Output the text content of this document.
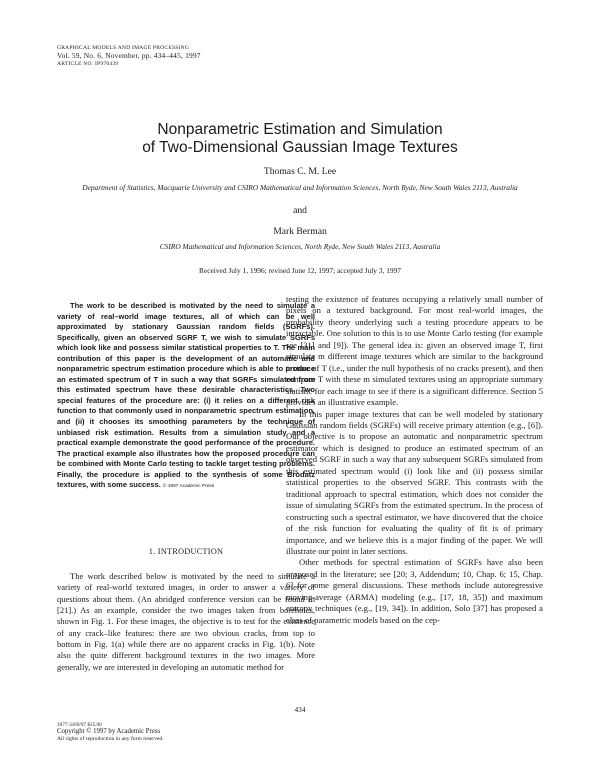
GRAPHICAL MODELS AND IMAGE PROCESSING
Vol. 59, No. 6, November, pp. 434–445, 1997
ARTICLE NO. IP970439
Nonparametric Estimation and Simulation
of Two-Dimensional Gaussian Image Textures
Thomas C. M. Lee
Department of Statistics, Macquarie University and CSIRO Mathematical and Information Sciences, North Ryde, New South Wales 2113, Australia
and
Mark Berman
CSIRO Mathematical and Information Sciences, North Ryde, New South Wales 2113, Australia
Received July 1, 1996; revised June 12, 1997; accepted July 3, 1997

The work to be described is motivated by the need to simulate a variety of real–world image textures, all of which can be well approximated by stationary Gaussian random fields (SGRFs). Specifically, given an observed SGRF T, we wish to simulate SGRFs which look like and possess similar statistical properties to T. The main contribution of this paper is the development of an automatic and nonparametric spectrum estimation procedure which is able to produce an estimated spectrum of T in such a way that SGRFs simulated from this estimated spectrum have these desirable characteristics. Two special features of the procedure are: (i) it relies on a different risk function to that commonly used in nonparametric spectrum estimation, and (ii) it chooses its smoothing parameters by the technique of unbiased risk estimation. Results from a simulation study and a practical example demonstrate the good performance of the procedure. The practical example also illustrates how the proposed procedure can be combined with Monte Carlo testing to tackle target testing problems. Finally, the procedure is applied to the synthesis of some Brodatz textures, with some success. © 1997 Academic Press

1. INTRODUCTION

The work described below is motivated by the need to simulate a variety of real-world textured images, in order to answer a variety of questions about them. (An abridged conference version can be found in [21].) As an example, consider the two images taken from boreholes, shown in Fig. 1. For these images, the objective is to test for the existence of any crack–like features: there are two obvious cracks, from top to bottom in Fig. 1(a) while there are no apparent cracks in Fig. 1(b). Note also the quite different background textures in the two images. More generally, we are interested in developing an automatic method for

testing the existence of features occupying a relatively small number of pixels on a textured background. For most real-world images, the probability theory underlying such a testing procedure appears to be intractable. One solution to this is to use Monte Carlo testing (for example see [31] and [9]). The general idea is: given an observed image T, first simulate m different image textures which are similar to the background texture of T (i.e., under the null hypothesis of no cracks present), and then compare T with these m simulated textures using an appropriate summary statistic for each image to see if there is a significant difference. Section 5 provides an illustrative example.

In this paper image textures that can be well modeled by stationary Gaussian random fields (SGRFs) will receive primary attention (e.g., [6]). Our objective is to propose an automatic and nonparametric spectrum estimator which is designed to produce an estimated spectrum of an observed SGRF in such a way that any subsequent SGRFs simulated from this estimated spectrum would (i) look like and (ii) possess similar statistical properties to the observed SGRF. This contrasts with the traditional approach to spectral estimation, which does not consider the issue of simulating SGRFs from the estimated spectrum. In the process of constructing such a spectral estimator, we have discovered that the choice of the risk function for evaluating the quality of fit is of primary importance, and we believe this is a major finding of the paper. We will illustrate our point in later sections.

Other methods for spectral estimation of SGRFs have also been proposed in the literature; see [20; 3, Addendum; 10, Chap. 6; 15, Chap. 6] for some general discussions. These methods include autoregressive moving-average (ARMA) modeling (e.g., [17, 18, 35]) and maximum entropy techniques (e.g., [19, 34]). In addition, Solo [37] has proposed a class of parametric models based on the cep-

434
1077-3169/97 $25.00
Copyright © 1997 by Academic Press
All rights of reproduction in any form reserved.
